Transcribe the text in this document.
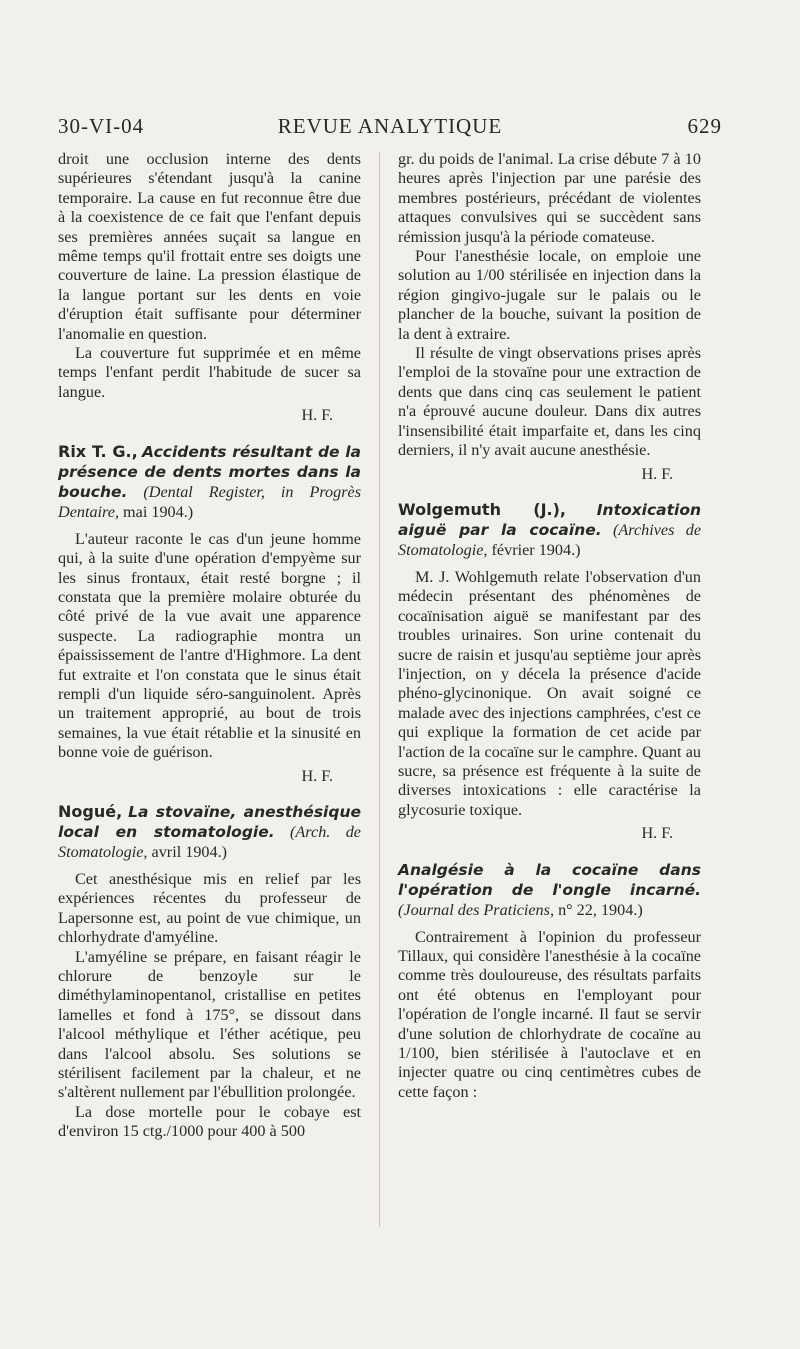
30-VI-04	REVUE ANALYTIQUE	629

droit une occlusion interne des dents supérieures s'étendant jusqu'à la canine temporaire. La cause en fut reconnue être due à la coexistence de ce fait que l'enfant depuis ses premières années suçait sa langue en même temps qu'il frottait entre ses doigts une couverture de laine. La pression élastique de la langue portant sur les dents en voie d'éruption était suffisante pour déterminer l'anomalie en question.

La couverture fut supprimée et en même temps l'enfant perdit l'habitude de sucer sa langue.

H. F.

Rix T. G., Accidents résultant de la présence de dents mortes dans la bouche. (Dental Register, in Progrès Dentaire, mai 1904.)

L'auteur raconte le cas d'un jeune homme qui, à la suite d'une opération d'empyème sur les sinus frontaux, était resté borgne ; il constata que la première molaire obturée du côté privé de la vue avait une apparence suspecte. La radiographie montra un épaississement de l'antre d'Highmore. La dent fut extraite et l'on constata que le sinus était rempli d'un liquide séro-sanguinolent. Après un traitement approprié, au bout de trois semaines, la vue était rétablie et la sinusité en bonne voie de guérison.

H. F.

Nogué, La stovaïne, anesthésique local en stomatologie. (Arch. de Stomatologie, avril 1904.)

Cet anesthésique mis en relief par les expériences récentes du professeur de Lapersonne est, au point de vue chimique, un chlorhydrate d'amyéline.

L'amyéline se prépare, en faisant réagir le chlorure de benzoyle sur le diméthylaminopentanol, cristallise en petites lamelles et fond à 175°, se dissout dans l'alcool méthylique et l'éther acétique, peu dans l'alcool absolu. Ses solutions se stérilisent facilement par la chaleur, et ne s'altèrent nullement par l'ébullition prolongée.

La dose mortelle pour le cobaye est d'environ 15 ctg./1000 pour 400 à 500

gr. du poids de l'animal. La crise débute 7 à 10 heures après l'injection par une parésie des membres postérieurs, précédant de violentes attaques convulsives qui se succèdent sans rémission jusqu'à la période comateuse.

Pour l'anesthésie locale, on emploie une solution au 1/00 stérilisée en injection dans la région gingivo-jugale sur le palais ou le plancher de la bouche, suivant la position de la dent à extraire.

Il résulte de vingt observations prises après l'emploi de la stovaïne pour une extraction de dents que dans cinq cas seulement le patient n'a éprouvé aucune douleur. Dans dix autres l'insensibilité était imparfaite et, dans les cinq derniers, il n'y avait aucune anesthésie.

H. F.

Wolgemuth (J.), Intoxication aiguë par la cocaïne. (Archives de Stomatologie, février 1904.)

M. J. Wohlgemuth relate l'observation d'un médecin présentant des phénomènes de cocaïnisation aiguë se manifestant par des troubles urinaires. Son urine contenait du sucre de raisin et jusqu'au septième jour après l'injection, on y décela la présence d'acide phéno-glycinonique. On avait soigné ce malade avec des injections camphrées, c'est ce qui explique la formation de cet acide par l'action de la cocaïne sur le camphre. Quant au sucre, sa présence est fréquente à la suite de diverses intoxications : elle caractérise la glycosurie toxique.

H. F.

Analgésie à la cocaïne dans l'opération de l'ongle incarné. (Journal des Praticiens, n° 22, 1904.)

Contrairement à l'opinion du professeur Tillaux, qui considère l'anesthésie à la cocaïne comme très douloureuse, des résultats parfaits ont été obtenus en l'employant pour l'opération de l'ongle incarné. Il faut se servir d'une solution de chlorhydrate de cocaïne au 1/100, bien stérilisée à l'autoclave et en injecter quatre ou cinq centimètres cubes de cette façon :
